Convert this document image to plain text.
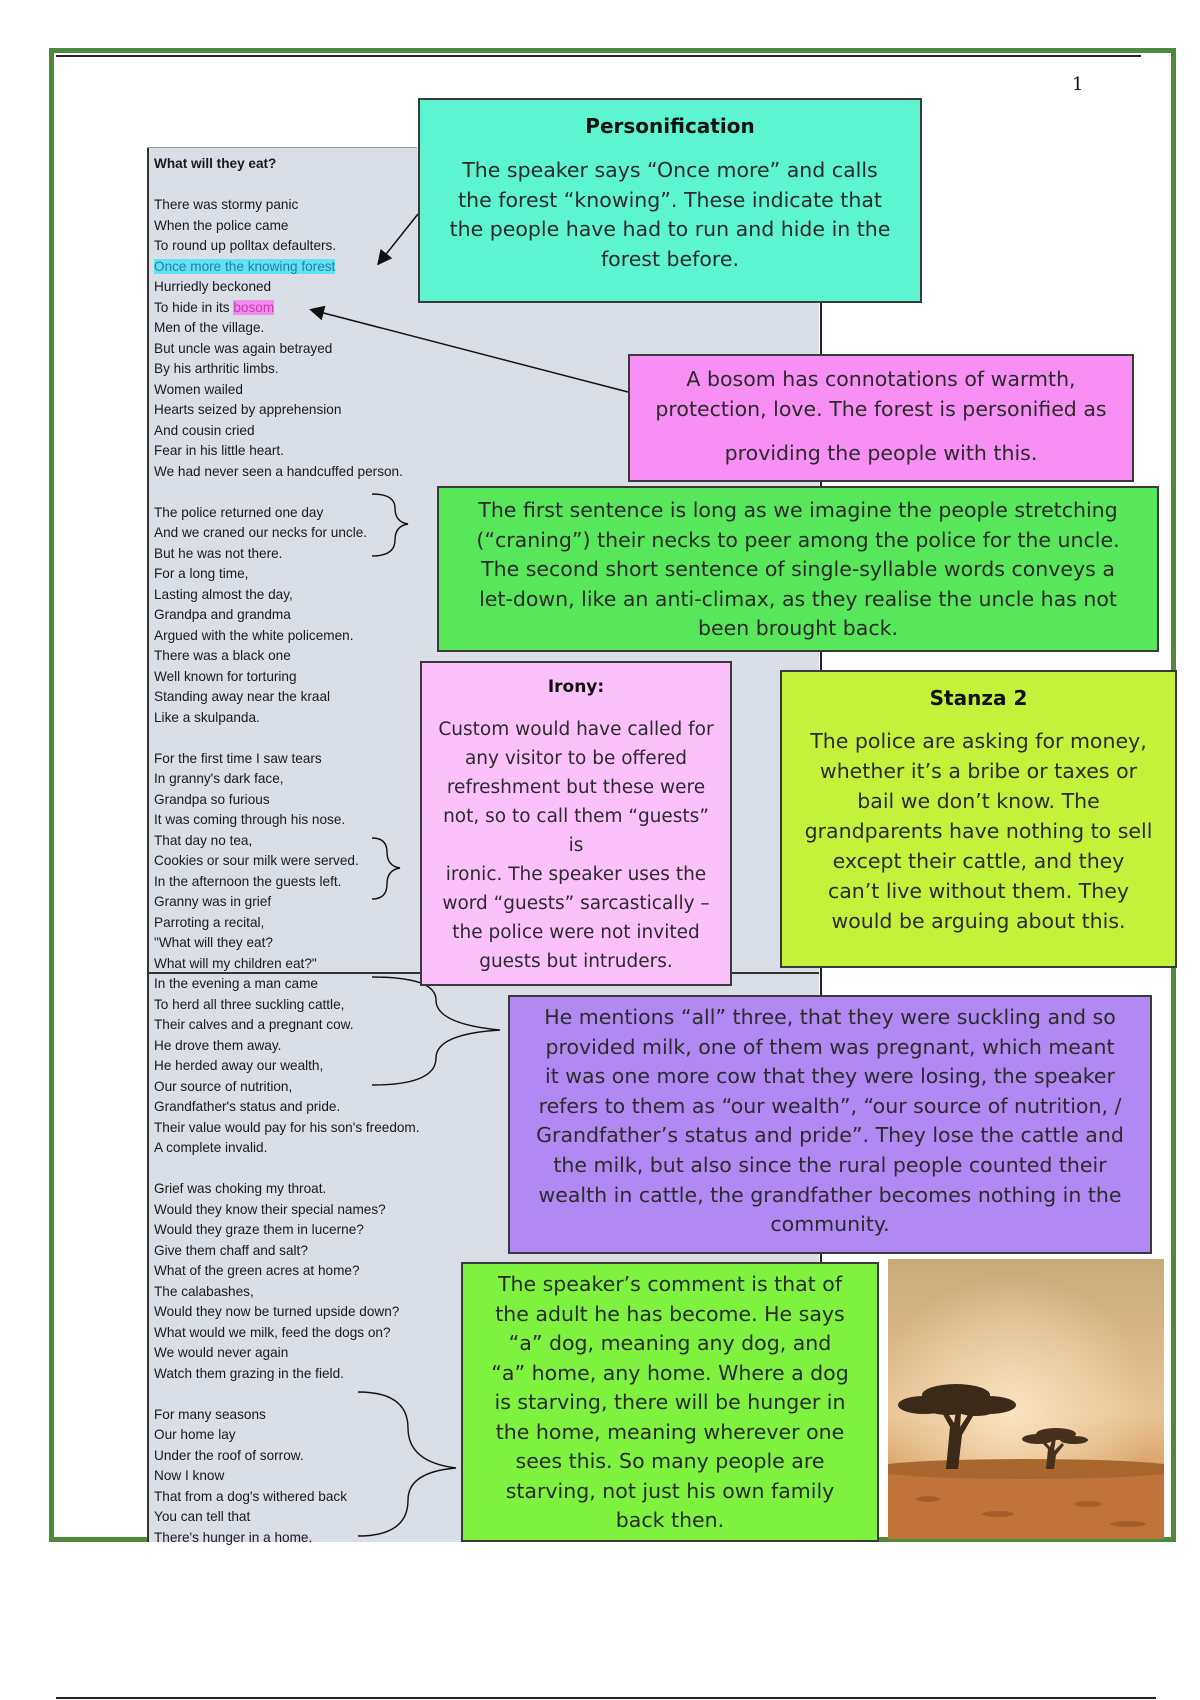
1
What will they eat?
There was stormy panic
When the police came
To round up polltax defaulters.
Once more the knowing forest
Hurriedly beckoned
To hide in its bosom
Men of the village.
But uncle was again betrayed
By his arthritic limbs.
Women wailed
Hearts seized by apprehension
And cousin cried
Fear in his little heart.
We had never seen a handcuffed person.
The police returned one day
And we craned our necks for uncle.
But he was not there.
For a long time,
Lasting almost the day,
Grandpa and grandma
Argued with the white policemen.
There was a black one
Well known for torturing
Standing away near the kraal
Like a skulpanda.
For the first time I saw tears
In granny's dark face,
Grandpa so furious
It was coming through his nose.
That day no tea,
Cookies or sour milk were served.
In the afternoon the guests left.
Granny was in grief
Parroting a recital,
"What will they eat?
What will my children eat?"
In the evening a man came
To herd all three suckling cattle,
Their calves and a pregnant cow.
He drove them away.
He herded away our wealth,
Our source of nutrition,
Grandfather's status and pride.
Their value would pay for his son's freedom.
A complete invalid.
Grief was choking my throat.
Would they know their special names?
Would they graze them in lucerne?
Give them chaff and salt?
What of the green acres at home?
The calabashes,
Would they now be turned upside down?
What would we milk, feed the dogs on?
We would never again
Watch them grazing in the field.
For many seasons
Our home lay
Under the roof of sorrow.
Now I know
That from a dog's withered back
You can tell that
There's hunger in a home.
Personification

The speaker says “Once more” and calls

the forest “knowing”. These indicate that

the people have had to run and hide in the

forest before.

A bosom has connotations of warmth,

protection, love. The forest is personified as

providing the people with this.

The first sentence is long as we imagine the people stretching

(“craning”) their necks to peer among the police for the uncle.

The second short sentence of single-syllable words conveys a

let-down, like an anti-climax, as they realise the uncle has not

been brought back.

Irony:

Custom would have called for

any visitor to be offered

refreshment but these were

not, so to call them “guests” is

ironic. The speaker uses the

word “guests” sarcastically –

the police were not invited

guests but intruders.

Stanza 2

The police are asking for money,

whether it’s a bribe or taxes or

bail we don’t know. The

grandparents have nothing to sell

except their cattle, and they

can’t live without them. They

would be arguing about this.

He mentions “all” three, that they were suckling and so

provided milk, one of them was pregnant, which meant

it was one more cow that they were losing, the speaker

refers to them as “our wealth”, “our source of nutrition, /

Grandfather’s status and pride”. They lose the cattle and

the milk, but also since the rural people counted their

wealth in cattle, the grandfather becomes nothing in the

community.

The speaker’s comment is that of

the adult he has become. He says

“a” dog, meaning any dog, and

“a” home, any home. Where a dog

is starving, there will be hunger in

the home, meaning wherever one

sees this. So many people are

starving, not just his own family

back then.
